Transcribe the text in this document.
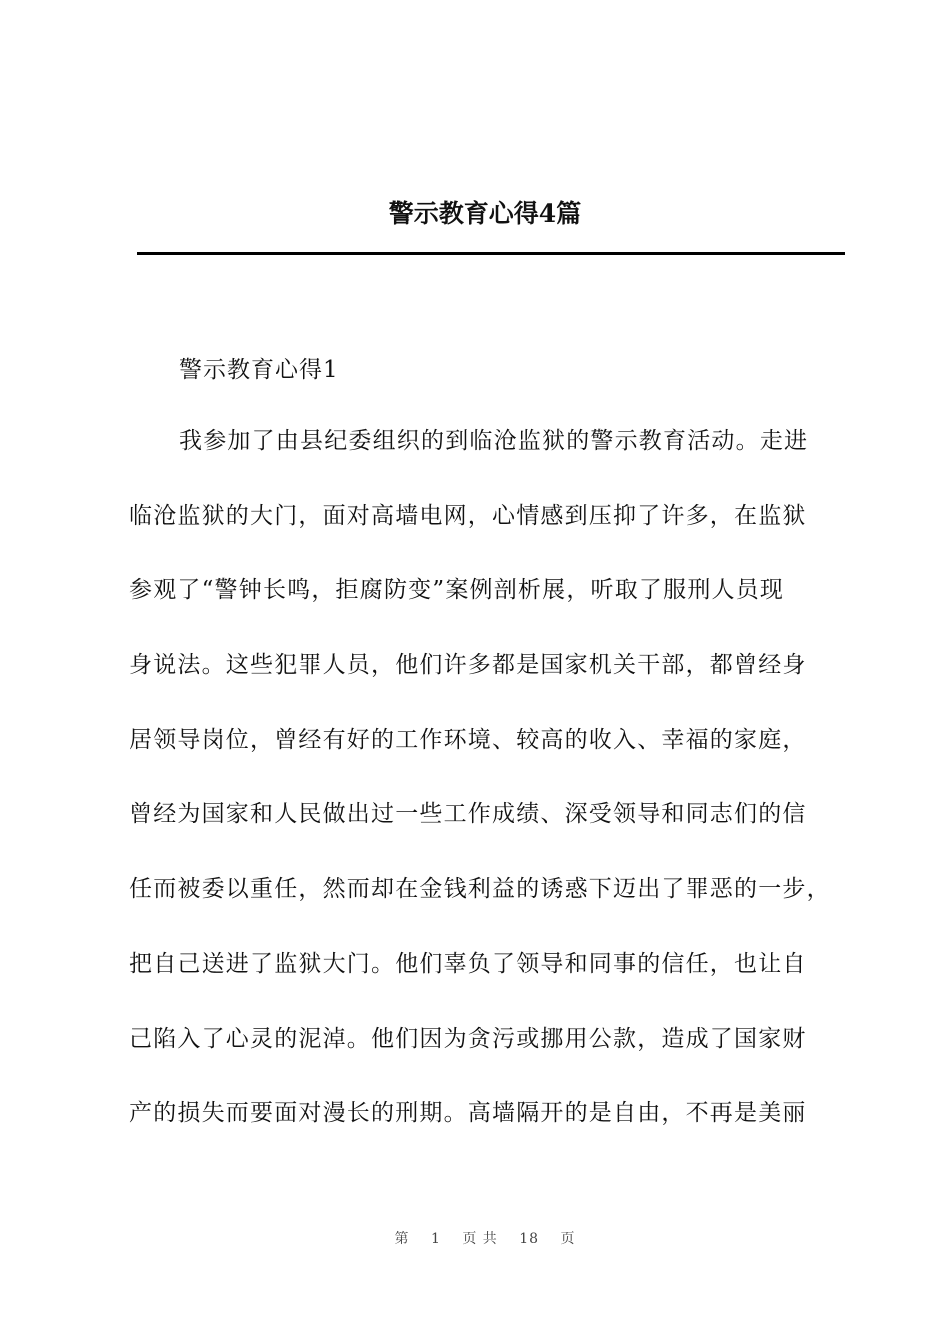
警示教育心得4篇
警示教育心得1
我参加了由县纪委组织的到临沧监狱的警示教育活动。走进
临沧监狱的大门，面对高墙电网，心情感到压抑了许多，在监狱
参观了“警钟长鸣，拒腐防变”案例剖析展，听取了服刑人员现
身说法。这些犯罪人员，他们许多都是国家机关干部，都曾经身
居领导岗位，曾经有好的工作环境、较高的收入、幸福的家庭，
曾经为国家和人民做出过一些工作成绩、深受领导和同志们的信
任而被委以重任，然而却在金钱利益的诱惑下迈出了罪恶的一步，
把自己送进了监狱大门。他们辜负了领导和同事的信任，也让自
己陷入了心灵的泥淖。他们因为贪污或挪用公款，造成了国家财
产的损失而要面对漫长的刑期。高墙隔开的是自由，不再是美丽
第 1 页 共 18 页
